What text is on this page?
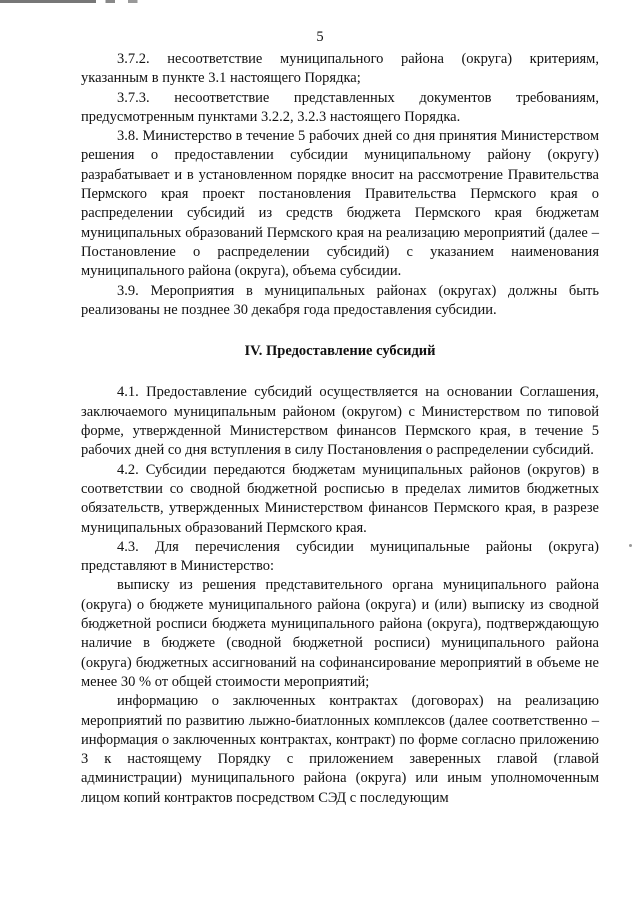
5

3.7.2. несоответствие муниципального района (округа) критериям, указанным в пункте 3.1 настоящего Порядка;

3.7.3. несоответствие представленных документов требованиям, предусмотренным пунктами 3.2.2, 3.2.3 настоящего Порядка.

3.8. Министерство в течение 5 рабочих дней со дня принятия Министерством решения о предоставлении субсидии муниципальному району (округу) разрабатывает и в установленном порядке вносит на рассмотрение Правительства Пермского края проект постановления Правительства Пермского края о распределении субсидий из средств бюджета Пермского края бюджетам муниципальных образований Пермского края на реализацию мероприятий (далее – Постановление о распределении субсидий) с указанием наименования муниципального района (округа), объема субсидии.

3.9. Мероприятия в муниципальных районах (округах) должны быть реализованы не позднее 30 декабря года предоставления субсидии.

IV. Предоставление субсидий

4.1. Предоставление субсидий осуществляется на основании Соглашения, заключаемого муниципальным районом (округом) с Министерством по типовой форме, утвержденной Министерством финансов Пермского края, в течение 5 рабочих дней со дня вступления в силу Постановления о распределении субсидий.

4.2. Субсидии передаются бюджетам муниципальных районов (округов) в соответствии со сводной бюджетной росписью в пределах лимитов бюджетных обязательств, утвержденных Министерством финансов Пермского края, в разрезе муниципальных образований Пермского края.

4.3. Для перечисления субсидии муниципальные районы (округа) представляют в Министерство:

выписку из решения представительного органа муниципального района (округа) о бюджете муниципального района (округа) и (или) выписку из сводной бюджетной росписи бюджета муниципального района (округа), подтверждающую наличие в бюджете (сводной бюджетной росписи) муниципального района (округа) бюджетных ассигнований на софинансирование мероприятий в объеме не менее 30 % от общей стоимости мероприятий;

информацию о заключенных контрактах (договорах) на реализацию мероприятий по развитию лыжно-биатлонных комплексов (далее соответственно – информация о заключенных контрактах, контракт) по форме согласно приложению 3 к настоящему Порядку с приложением заверенных главой (главой администрации) муниципального района (округа) или иным уполномоченным лицом копий контрактов посредством СЭД с последующим
